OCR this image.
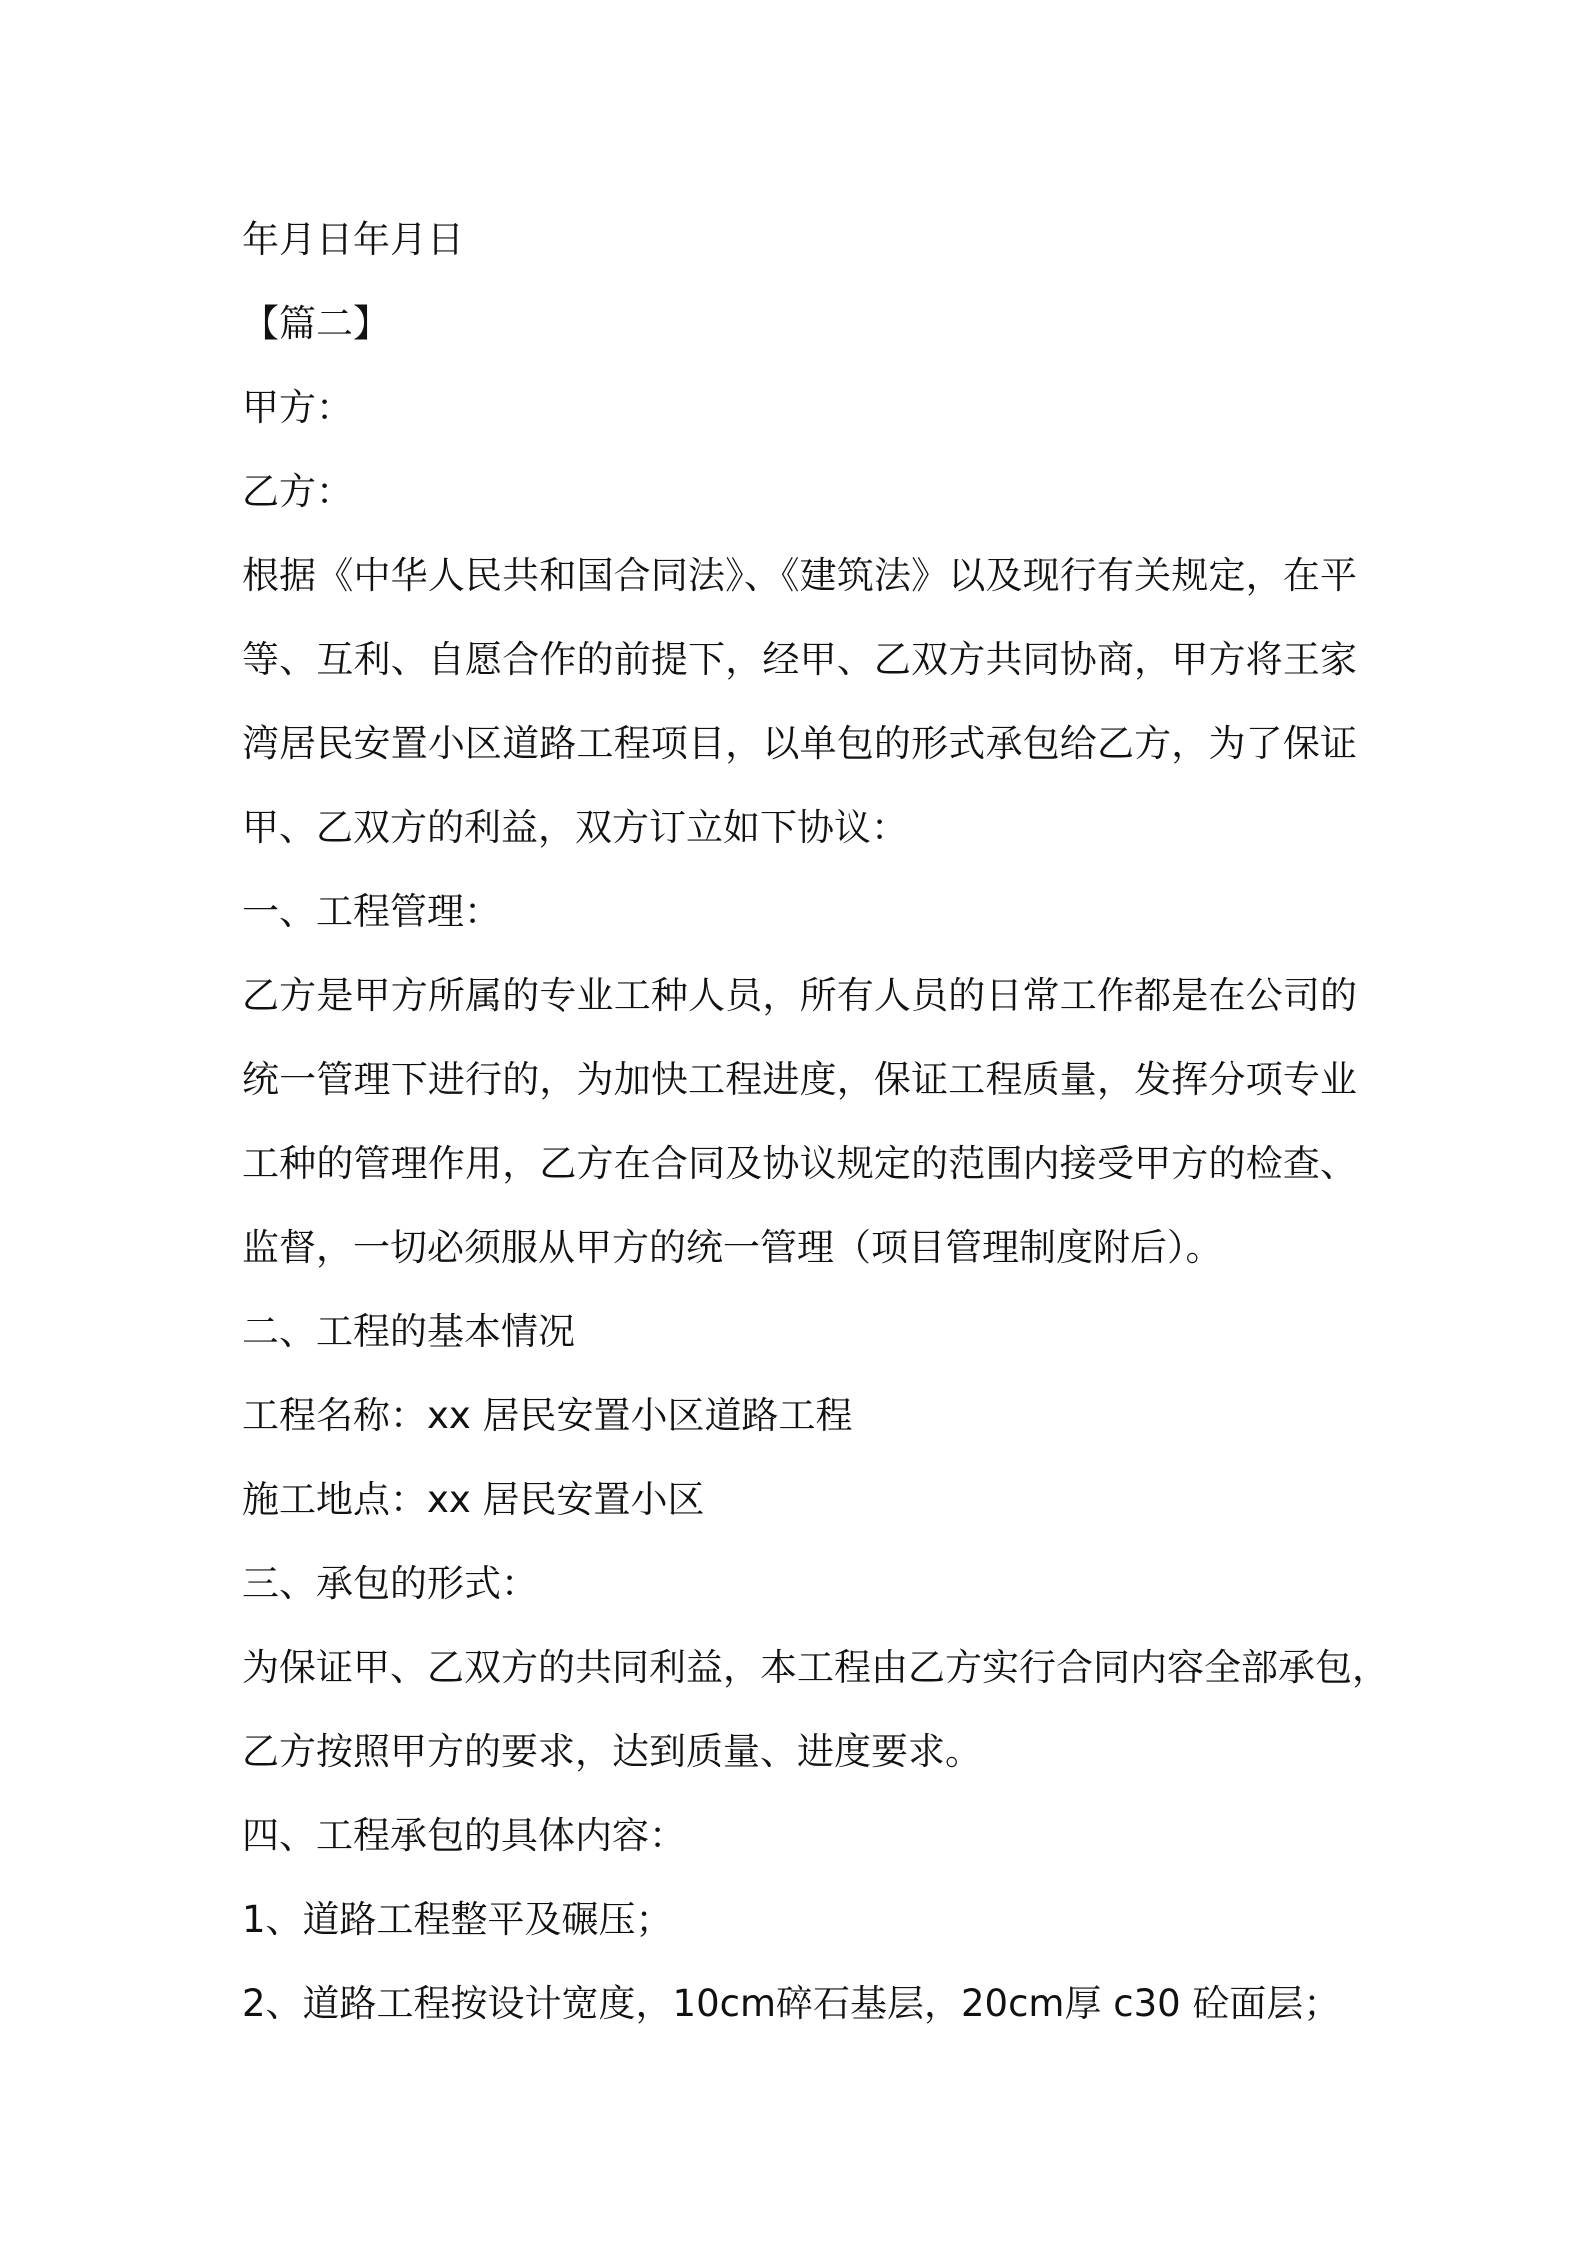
年月日年月日

【篇二】

甲方：

乙方：

根据《中华人民共和国合同法》、《建筑法》以及现行有关规定，在平

等、互利、自愿合作的前提下，经甲、乙双方共同协商，甲方将王家

湾居民安置小区道路工程项目，以单包的形式承包给乙方，为了保证

甲、乙双方的利益，双方订立如下协议：

一、工程管理：

乙方是甲方所属的专业工种人员，所有人员的日常工作都是在公司的

统一管理下进行的，为加快工程进度，保证工程质量，发挥分项专业

工种的管理作用，乙方在合同及协议规定的范围内接受甲方的检查、

监督，一切必须服从甲方的统一管理（项目管理制度附后）。

二、工程的基本情况

工程名称：xx 居民安置小区道路工程

施工地点：xx 居民安置小区

三、承包的形式：

为保证甲、乙双方的共同利益，本工程由乙方实行合同内容全部承包，

乙方按照甲方的要求，达到质量、进度要求。

四、工程承包的具体内容：

1、道路工程整平及碾压；

2、道路工程按设计宽度，10cm碎石基层，20cm厚 c30 砼面层；
